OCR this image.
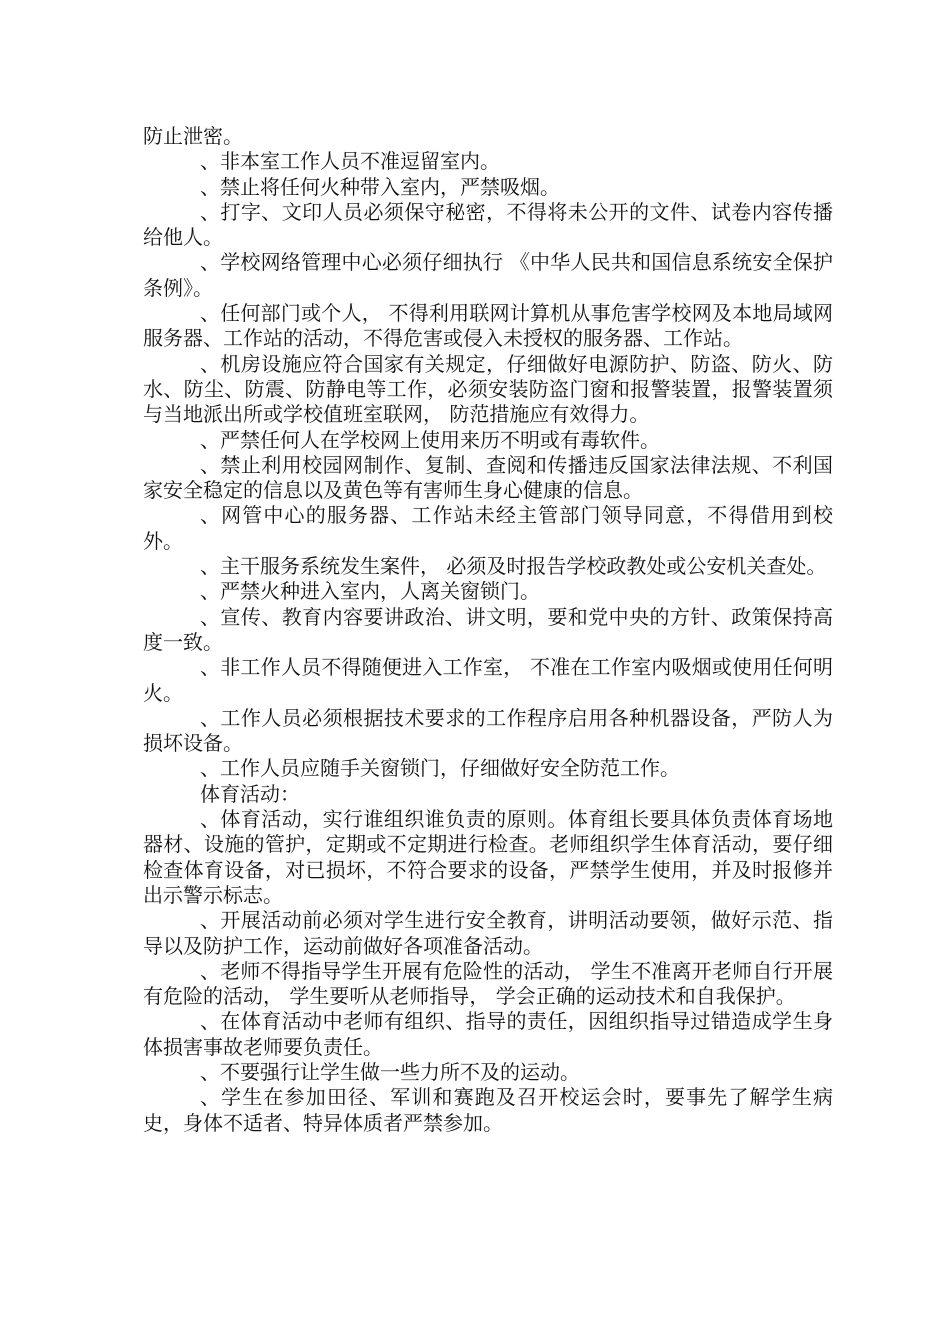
防止泄密。

、非本室工作人员不准逗留室内。

、禁止将任何火种带入室内，严禁吸烟。

、打字、文印人员必须保守秘密，不得将未公开的文件、试卷内容传播给他人。

、学校网络管理中心必须仔细执行 《中华人民共和国信息系统安全保护条例》。

、任何部门或个人， 不得利用联网计算机从事危害学校网及本地局域网服务器、工作站的活动，不得危害或侵入未授权的服务器、工作站。

、机房设施应符合国家有关规定，仔细做好电源防护、防盗、防火、防水、防尘、防震、防静电等工作，必须安装防盗门窗和报警装置，报警装置须与当地派出所或学校值班室联网， 防范措施应有效得力。

、严禁任何人在学校网上使用来历不明或有毒软件。

、禁止利用校园网制作、复制、查阅和传播违反国家法律法规、不利国家安全稳定的信息以及黄色等有害师生身心健康的信息。

、网管中心的服务器、工作站未经主管部门领导同意，不得借用到校外。

、主干服务系统发生案件， 必须及时报告学校政教处或公安机关查处。

、严禁火种进入室内，人离关窗锁门。

、宣传、教育内容要讲政治、讲文明，要和党中央的方针、政策保持高度一致。

、非工作人员不得随便进入工作室， 不准在工作室内吸烟或使用任何明火。

、工作人员必须根据技术要求的工作程序启用各种机器设备，严防人为损坏设备。

、工作人员应随手关窗锁门，仔细做好安全防范工作。

体育活动：

、体育活动，实行谁组织谁负责的原则。体育组长要具体负责体育场地器材、设施的管护，定期或不定期进行检查。老师组织学生体育活动，要仔细检查体育设备，对已损坏，不符合要求的设备，严禁学生使用，并及时报修并出示警示标志。

、开展活动前必须对学生进行安全教育，讲明活动要领，做好示范、指导以及防护工作，运动前做好各项准备活动。

、老师不得指导学生开展有危险性的活动， 学生不准离开老师自行开展有危险的活动， 学生要听从老师指导， 学会正确的运动技术和自我保护。

、在体育活动中老师有组织、指导的责任，因组织指导过错造成学生身体损害事故老师要负责任。

、不要强行让学生做一些力所不及的运动。

、学生在参加田径、军训和赛跑及召开校运会时，要事先了解学生病史，身体不适者、特异体质者严禁参加。
